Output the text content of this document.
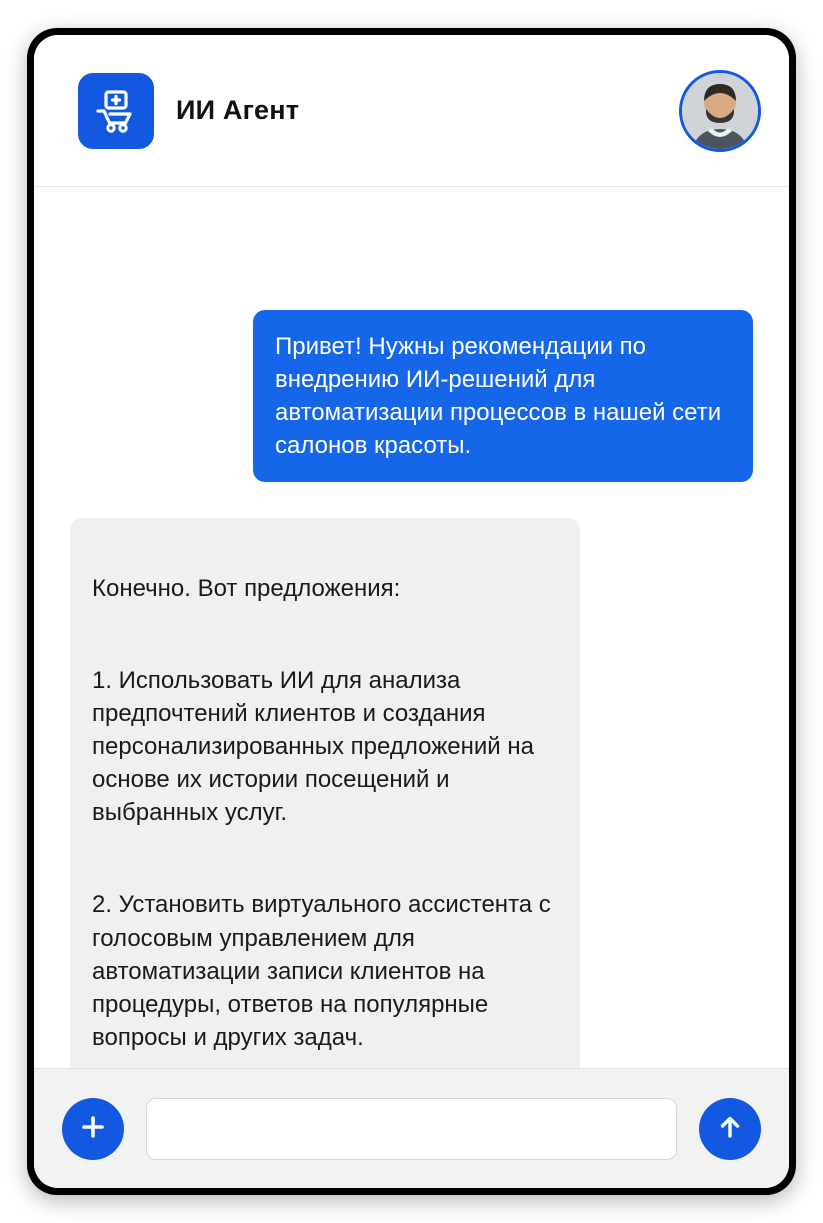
ИИ Агент
Привет! Нужны рекомендации по внедрению ИИ-решений для автоматизации процессов в нашей сети салонов красоты.

Конечно. Вот предложения:

1. Использовать ИИ для анализа предпочтений клиентов и создания персонализированных предложений на основе их истории посещений и выбранных услуг.

2. Установить виртуального ассистента с голосовым управлением для автоматизации записи клиентов на процедуры, ответов на популярные вопросы и других задач.
